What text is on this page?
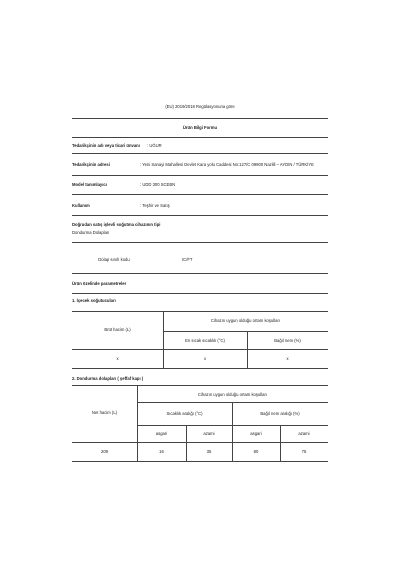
(EU) 2019/2018 Regülasyonuna göre
Ürün Bilgi Formu
Tedarikçinin adı veya ticari ünvanı : UĞUR
Tedarikçinin adresi	: Yeni Sanayi Mahallesi Devlet Kara yolu Caddesi No:127/C 09900 Nazilli – AYDIN / TÜRKİYE
Model tanımlayıcı	: UDD 300 SCEBN
Kullanım	: Teşhir ve Satış
Doğrudan satış işlevli soğutma cihazının tipi
Dondurma Dolapları
Dolap sınıfı kodu	IC/FT
Ürün özelinde parametreler
1. İçecek soğutucuları
Brüt hacim (L)
Cihazın uygun olduğu ortam koşulları
En sıcak sıcaklık (°C)	Bağıl nem (%)
x	x	x
2. Dondurma dolapları ( şeffaf kapı )
Net hacim (L)
Cihazın uygun olduğu ortam koşulları
Sıcaklık aralığı (°C)	Bağıl nem aralığı (%)
asgari	azami	asgari	azami
209	16	35	80	75
